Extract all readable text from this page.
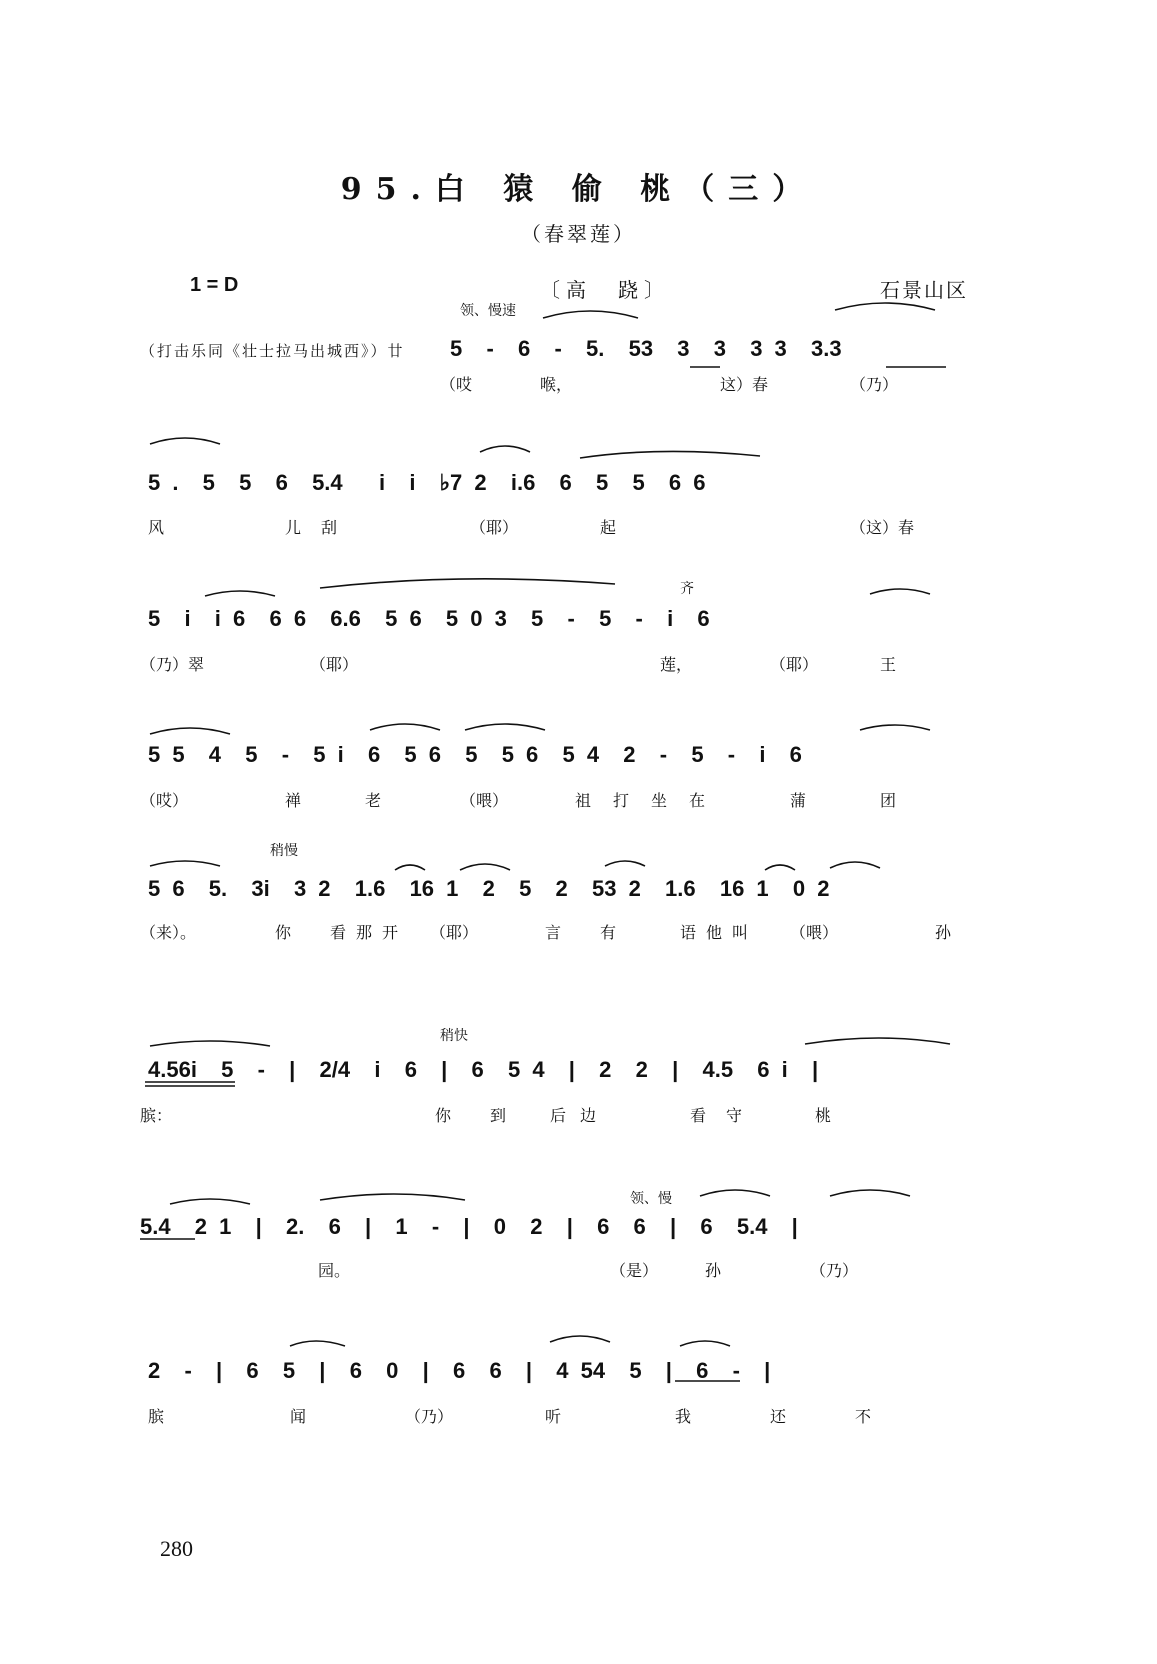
95.白 猿 偷 桃（三）
（春翠莲）
1 = D	〔高　跷〕	石景山区
领、慢速
（打击乐同《壮士拉马出城西》）廿 5  -  6  -  5.  53  3  3  3 3  3.3
（哎	喉，	这）春	（乃）
5 .  5  5  6  5.4   i  i  ♭7 2  i.6  6  5  5  6 6
风	儿刮	（耶）	起	（这）春
齐
5  i  i 6  6 6  6.6  5 6  5 0 3  5  -  5  -  i  6
（乃）翠	（耶）	莲，	（耶）	王
5 5  4  5  -  5 i  6  5 6  5  5 6  5 4  2  -  5  -  i  6
（哎）	禅	老	（喂）	祖打坐在	蒲	团
稍慢
5 6  5.  3i  3 2  1.6  16 1  2  5  2  53 2  1.6  16 1  0 2
（来）。	你 看那开 （耶）	言 有	语他叫 （喂）	孙
稍快
4.56i  5  -  |  2/4  i  6  |  6  5 4  |  2  2  |  4.5  6 i  |
膑：	你 到	后边	看守	桃
领、慢
5.4  2 1  |  2.  6  |  1  -  |  0  2  |  6  6  |  6  5.4  |
园。	（是）	孙	（乃）
2  -  |  6  5  |  6  0  |  6  6  |  4 54  5  |  6  -  |
膑	闻	（乃）	听	我	还	不
280
